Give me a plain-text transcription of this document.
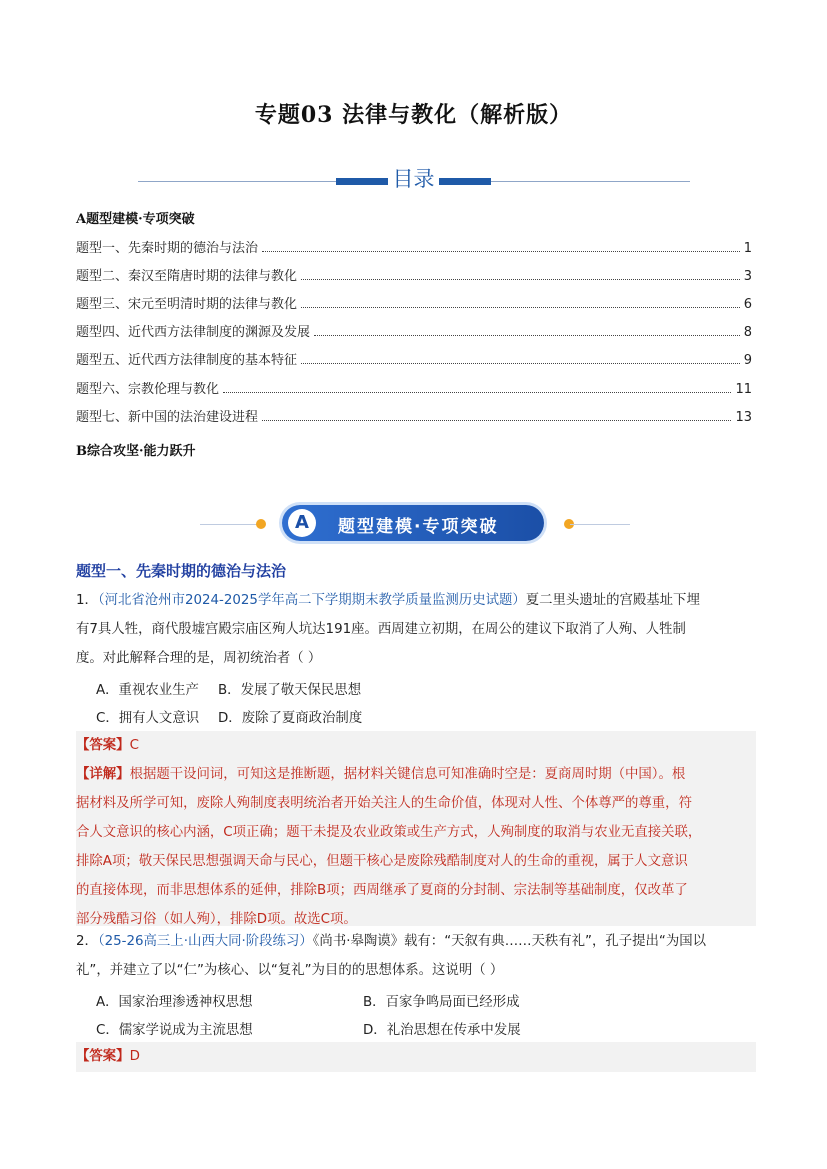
专题03 法律与教化（解析版）
目录
A题型建模·专项突破
题型一、先秦时期的德治与法治	1
题型二、秦汉至隋唐时期的法律与教化	3
题型三、宋元至明清时期的法律与教化	6
题型四、近代西方法律制度的渊源及发展	8
题型五、近代西方法律制度的基本特征	9
题型六、宗教伦理与教化	11
题型七、新中国的法治建设进程	13
B综合攻坚·能力跃升
A	题型建模·专项突破
题型一、先秦时期的德治与法治
1．（河北省沧州市2024-2025学年高二下学期期末教学质量监测历史试题）夏二里头遗址的宫殿基址下埋
有7具人牲，商代殷墟宫殿宗庙区殉人坑达191座。西周建立初期，在周公的建议下取消了人殉、人牲制
度。对此解释合理的是，周初统治者（ ）
A．重视农业生产 B．发展了敬天保民思想
C．拥有人文意识 D．废除了夏商政治制度
【答案】C
【详解】根据题干设问词，可知这是推断题，据材料关键信息可知准确时空是：夏商周时期（中国）。根
据材料及所学可知，废除人殉制度表明统治者开始关注人的生命价值，体现对人性、个体尊严的尊重，符
合人文意识的核心内涵，C项正确；题干未提及农业政策或生产方式，人殉制度的取消与农业无直接关联，
排除A项；敬天保民思想强调天命与民心，但题干核心是废除残酷制度对人的生命的重视，属于人文意识
的直接体现，而非思想体系的延伸，排除B项；西周继承了夏商的分封制、宗法制等基础制度，仅改革了
部分残酷习俗（如人殉），排除D项。故选C项。
2．（25-26高三上·山西大同·阶段练习）《尚书·皋陶谟》载有：“天叙有典……天秩有礼”，孔子提出“为国以
礼”，并建立了以“仁”为核心、以“复礼”为目的的思想体系。这说明（ ）
A．国家治理渗透神权思想	B．百家争鸣局面已经形成
C．儒家学说成为主流思想	D．礼治思想在传承中发展
【答案】D
